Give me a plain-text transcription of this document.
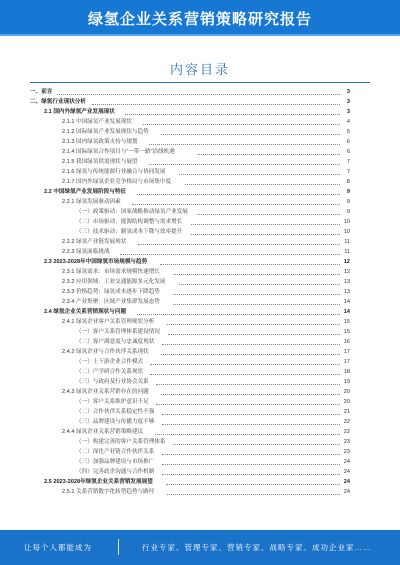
绿氢企业关系营销策略研究报告
内容目录
一、前言	3
二、绿氢行业现状分析	3
2.1 国内外绿氢产业发展现状	3
2.1.1 中国绿氢产业发展现状	4
2.1.2 国际绿氢产业发展现状与趋势	5
2.1.3 国内绿氢政策支持与规划	6
2.1.4 国际绿氢合作项目与“一带一路”沿线机遇	6
2.1.5 我国绿氢供需现状与展望	7
2.1.6 绿氢与传统能源行业融合与协同发展	7
2.1.7 国内外绿氢企业竞争格局与市场集中度	8
2.2 中国绿氢产业发展阶段与特征	9
2.2.1 绿氢发展驱动因素	9
（一）政策驱动：国家战略推动绿氢产业发展	9
（二）市场驱动：能源结构调整与需求增长	10
（三）技术驱动：制氢成本下降与效率提升	10
2.2.2 绿氢产业链发展现状	11
2.2.3 绿氢面临挑战	11
2.3 2023-2028年中国绿氢市场规模与趋势	12
2.3.1 绿氢需求：市场需求规模快速增长	12
2.3.2 应用领域：工业交通能源多元化发展	13
2.3.3 价格趋势：绿氢成本逐步下降趋势	13
2.3.4 产业集聚：区域产业集群发展态势	14
2.4 绿氢企业关系营销现状与问题	14
2.4.1 绿氢企业客户关系管理现状分析	15
（一）客户关系管理体系建设情况	15
（二）客户满意度与忠诚度现状	16
2.4.2 绿氢企业与合作伙伴关系现状	17
（一）上下游企业合作模式	17
（二）产学研合作关系现状	18
（三）与政府及行业协会关系	19
2.4.3 绿氢企业关系营销存在的问题	20
（一）客户关系维护意识不足	20
（二）合作伙伴关系稳定性不强	21
（三）品牌建设与传播力度不够	22
2.4.4 绿氢企业关系营销策略建议	22
（一）构建完善的客户关系管理体系	23
（二）深化产业链合作伙伴关系	23
（三）加强品牌建设与市场推广	24
（四）完善政企沟通与合作机制	24
2.5 2023-2028年绿氢企业关系营销发展展望	24
2.5.1 关系营销数字化转型趋势与路径	24
让每个人都能成为	行业专家、管理专家、营销专家、战略专家、成功企业家……
